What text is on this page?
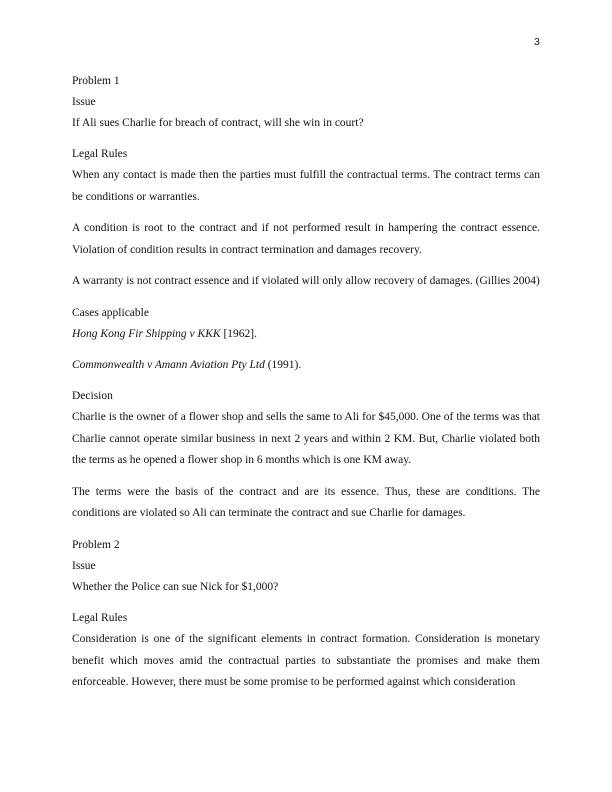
3

Problem 1

Issue

If Ali sues Charlie for breach of contract, will she win in court?

Legal Rules

When any contact is made then the parties must fulfill the contractual terms. The contract terms can be conditions or warranties.

A condition is root to the contract and if not performed result in hampering the contract essence. Violation of condition results in contract termination and damages recovery.

A warranty is not contract essence and if violated will only allow recovery of damages. (Gillies 2004)

Cases applicable

Hong Kong Fir Shipping v KKK [1962].

Commonwealth v Amann Aviation Pty Ltd (1991).

Decision

Charlie is the owner of a flower shop and sells the same to Ali for $45,000. One of the terms was that Charlie cannot operate similar business in next 2 years and within 2 KM. But, Charlie violated both the terms as he opened a flower shop in 6 months which is one KM away.

The terms were the basis of the contract and are its essence. Thus, these are conditions. The conditions are violated so Ali can terminate the contract and sue Charlie for damages.

Problem 2

Issue

Whether the Police can sue Nick for $1,000?

Legal Rules

Consideration is one of the significant elements in contract formation. Consideration is monetary benefit which moves amid the contractual parties to substantiate the promises and make them enforceable. However, there must be some promise to be performed against which consideration
